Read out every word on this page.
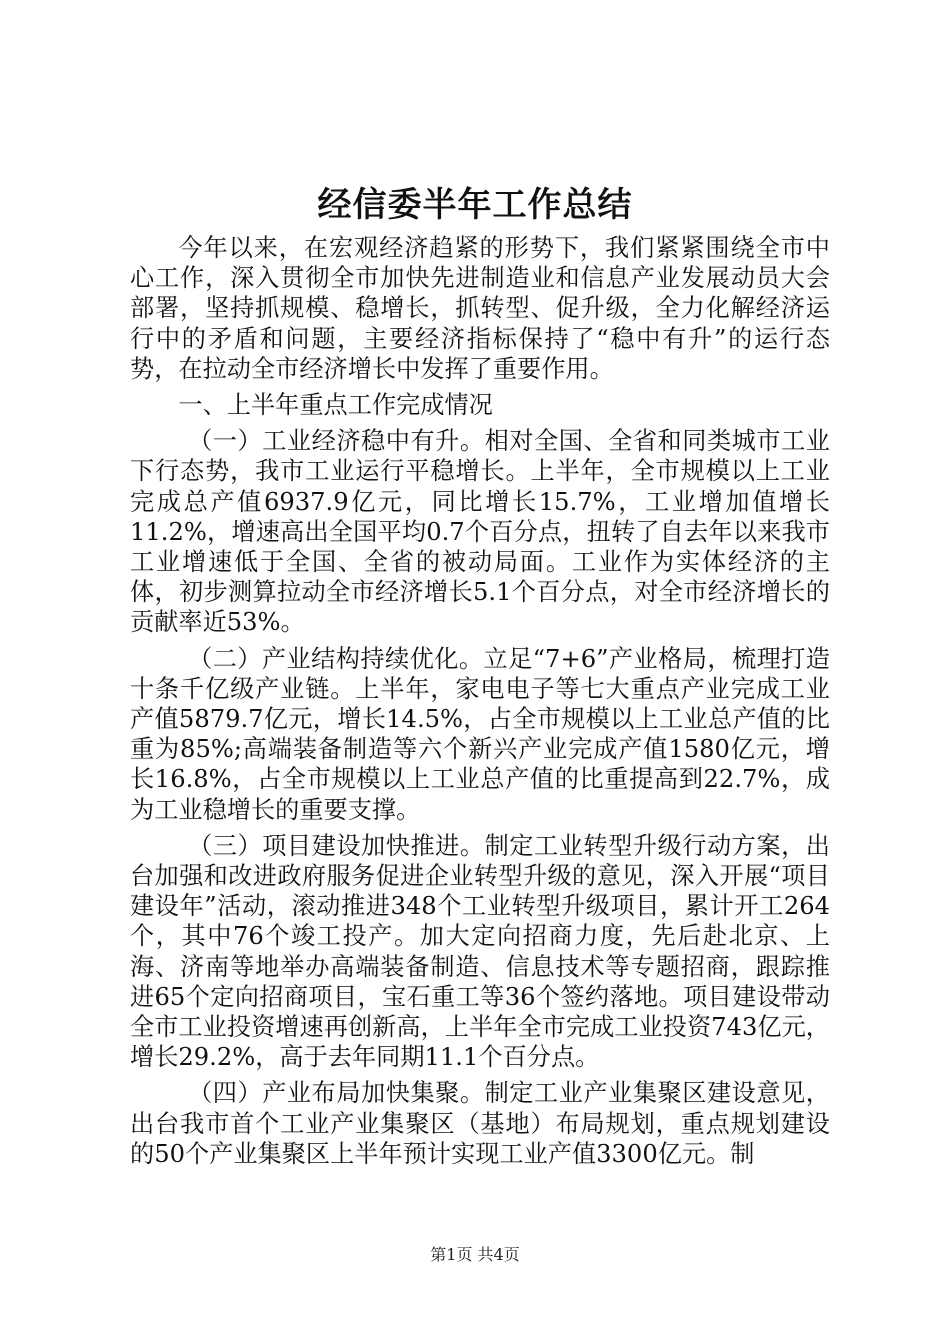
经信委半年工作总结

今年以来，在宏观经济趋紧的形势下，我们紧紧围绕全市中心工作，深入贯彻全市加快先进制造业和信息产业发展动员大会部署，坚持抓规模、稳增长，抓转型、促升级，全力化解经济运行中的矛盾和问题，主要经济指标保持了“稳中有升”的运行态势，在拉动全市经济增长中发挥了重要作用。

一、上半年重点工作完成情况

（一）工业经济稳中有升。相对全国、全省和同类城市工业下行态势，我市工业运行平稳增长。上半年，全市规模以上工业完成总产值6937.9亿元，同比增长15.7%，工业增加值增长11.2%，增速高出全国平均0.7个百分点，扭转了自去年以来我市工业增速低于全国、全省的被动局面。工业作为实体经济的主体，初步测算拉动全市经济增长5.1个百分点，对全市经济增长的贡献率近53%。

（二）产业结构持续优化。立足“7+6”产业格局，梳理打造十条千亿级产业链。上半年，家电电子等七大重点产业完成工业产值5879.7亿元，增长14.5%，占全市规模以上工业总产值的比重为85%;高端装备制造等六个新兴产业完成产值1580亿元，增长16.8%，占全市规模以上工业总产值的比重提高到22.7%，成为工业稳增长的重要支撑。

（三）项目建设加快推进。制定工业转型升级行动方案，出台加强和改进政府服务促进企业转型升级的意见，深入开展“项目建设年”活动，滚动推进348个工业转型升级项目，累计开工264个，其中76个竣工投产。加大定向招商力度，先后赴北京、上海、济南等地举办高端装备制造、信息技术等专题招商，跟踪推进65个定向招商项目，宝石重工等36个签约落地。项目建设带动全市工业投资增速再创新高，上半年全市完成工业投资743亿元，增长29.2%，高于去年同期11.1个百分点。

（四）产业布局加快集聚。制定工业产业集聚区建设意见，出台我市首个工业产业集聚区（基地）布局规划，重点规划建设的50个产业集聚区上半年预计实现工业产值3300亿元。制

第1页 共4页
